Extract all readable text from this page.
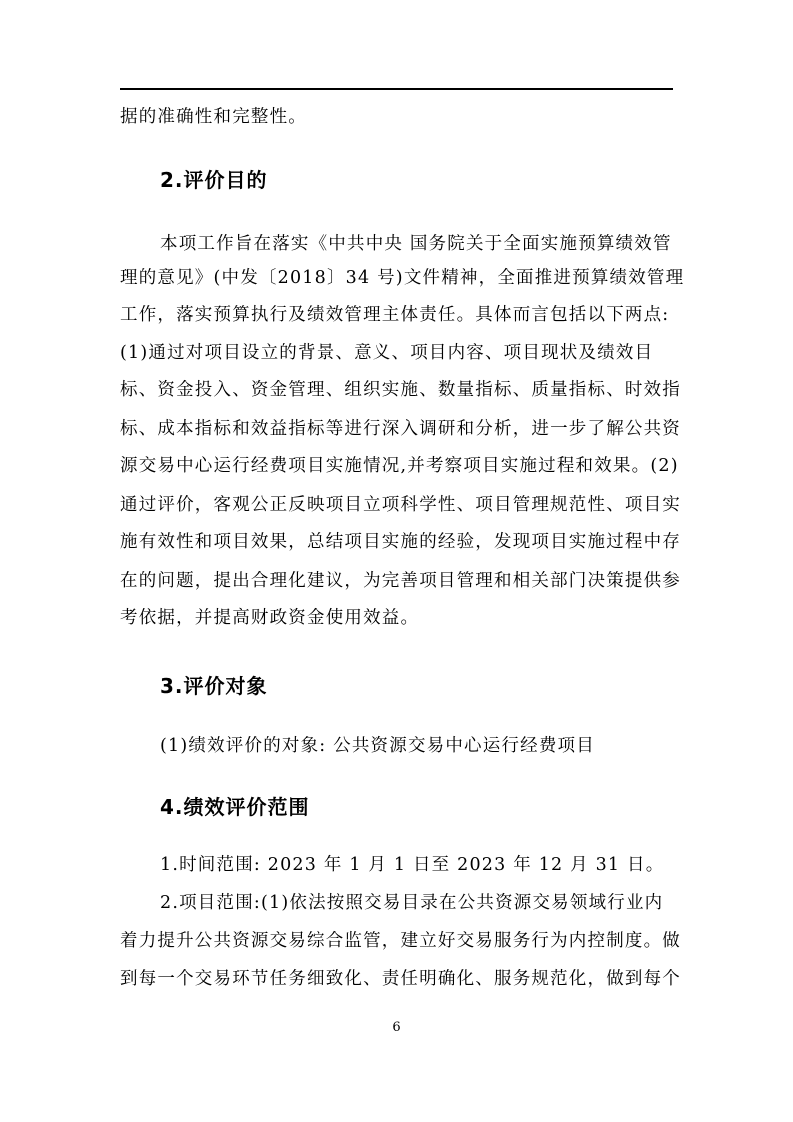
据的准确性和完整性。
2.评价目的
本项工作旨在落实《中共中央 国务院关于全面实施预算绩效管
理的意见》(中发〔2018〕34 号)文件精神，全面推进预算绩效管理
工作，落实预算执行及绩效管理主体责任。具体而言包括以下两点:
(1)通过对项目设立的背景、意义、项目内容、项目现状及绩效目
标、资金投入、资金管理、组织实施、数量指标、质量指标、时效指
标、成本指标和效益指标等进行深入调研和分析，进一步了解公共资
源交易中心运行经费项目实施情况,并考察项目实施过程和效果。(2)
通过评价，客观公正反映项目立项科学性、项目管理规范性、项目实
施有效性和项目效果，总结项目实施的经验，发现项目实施过程中存
在的问题，提出合理化建议，为完善项目管理和相关部门决策提供参
考依据，并提高财政资金使用效益。
3.评价对象
(1)绩效评价的对象: 公共资源交易中心运行经费项目
4.绩效评价范围
1.时间范围: 2023 年 1 月 1 日至 2023 年 12 月 31 日。
2.项目范围:(1)依法按照交易目录在公共资源交易领域行业内
着力提升公共资源交易综合监管，建立好交易服务行为内控制度。做
到每一个交易环节任务细致化、责任明确化、服务规范化，做到每个
6
